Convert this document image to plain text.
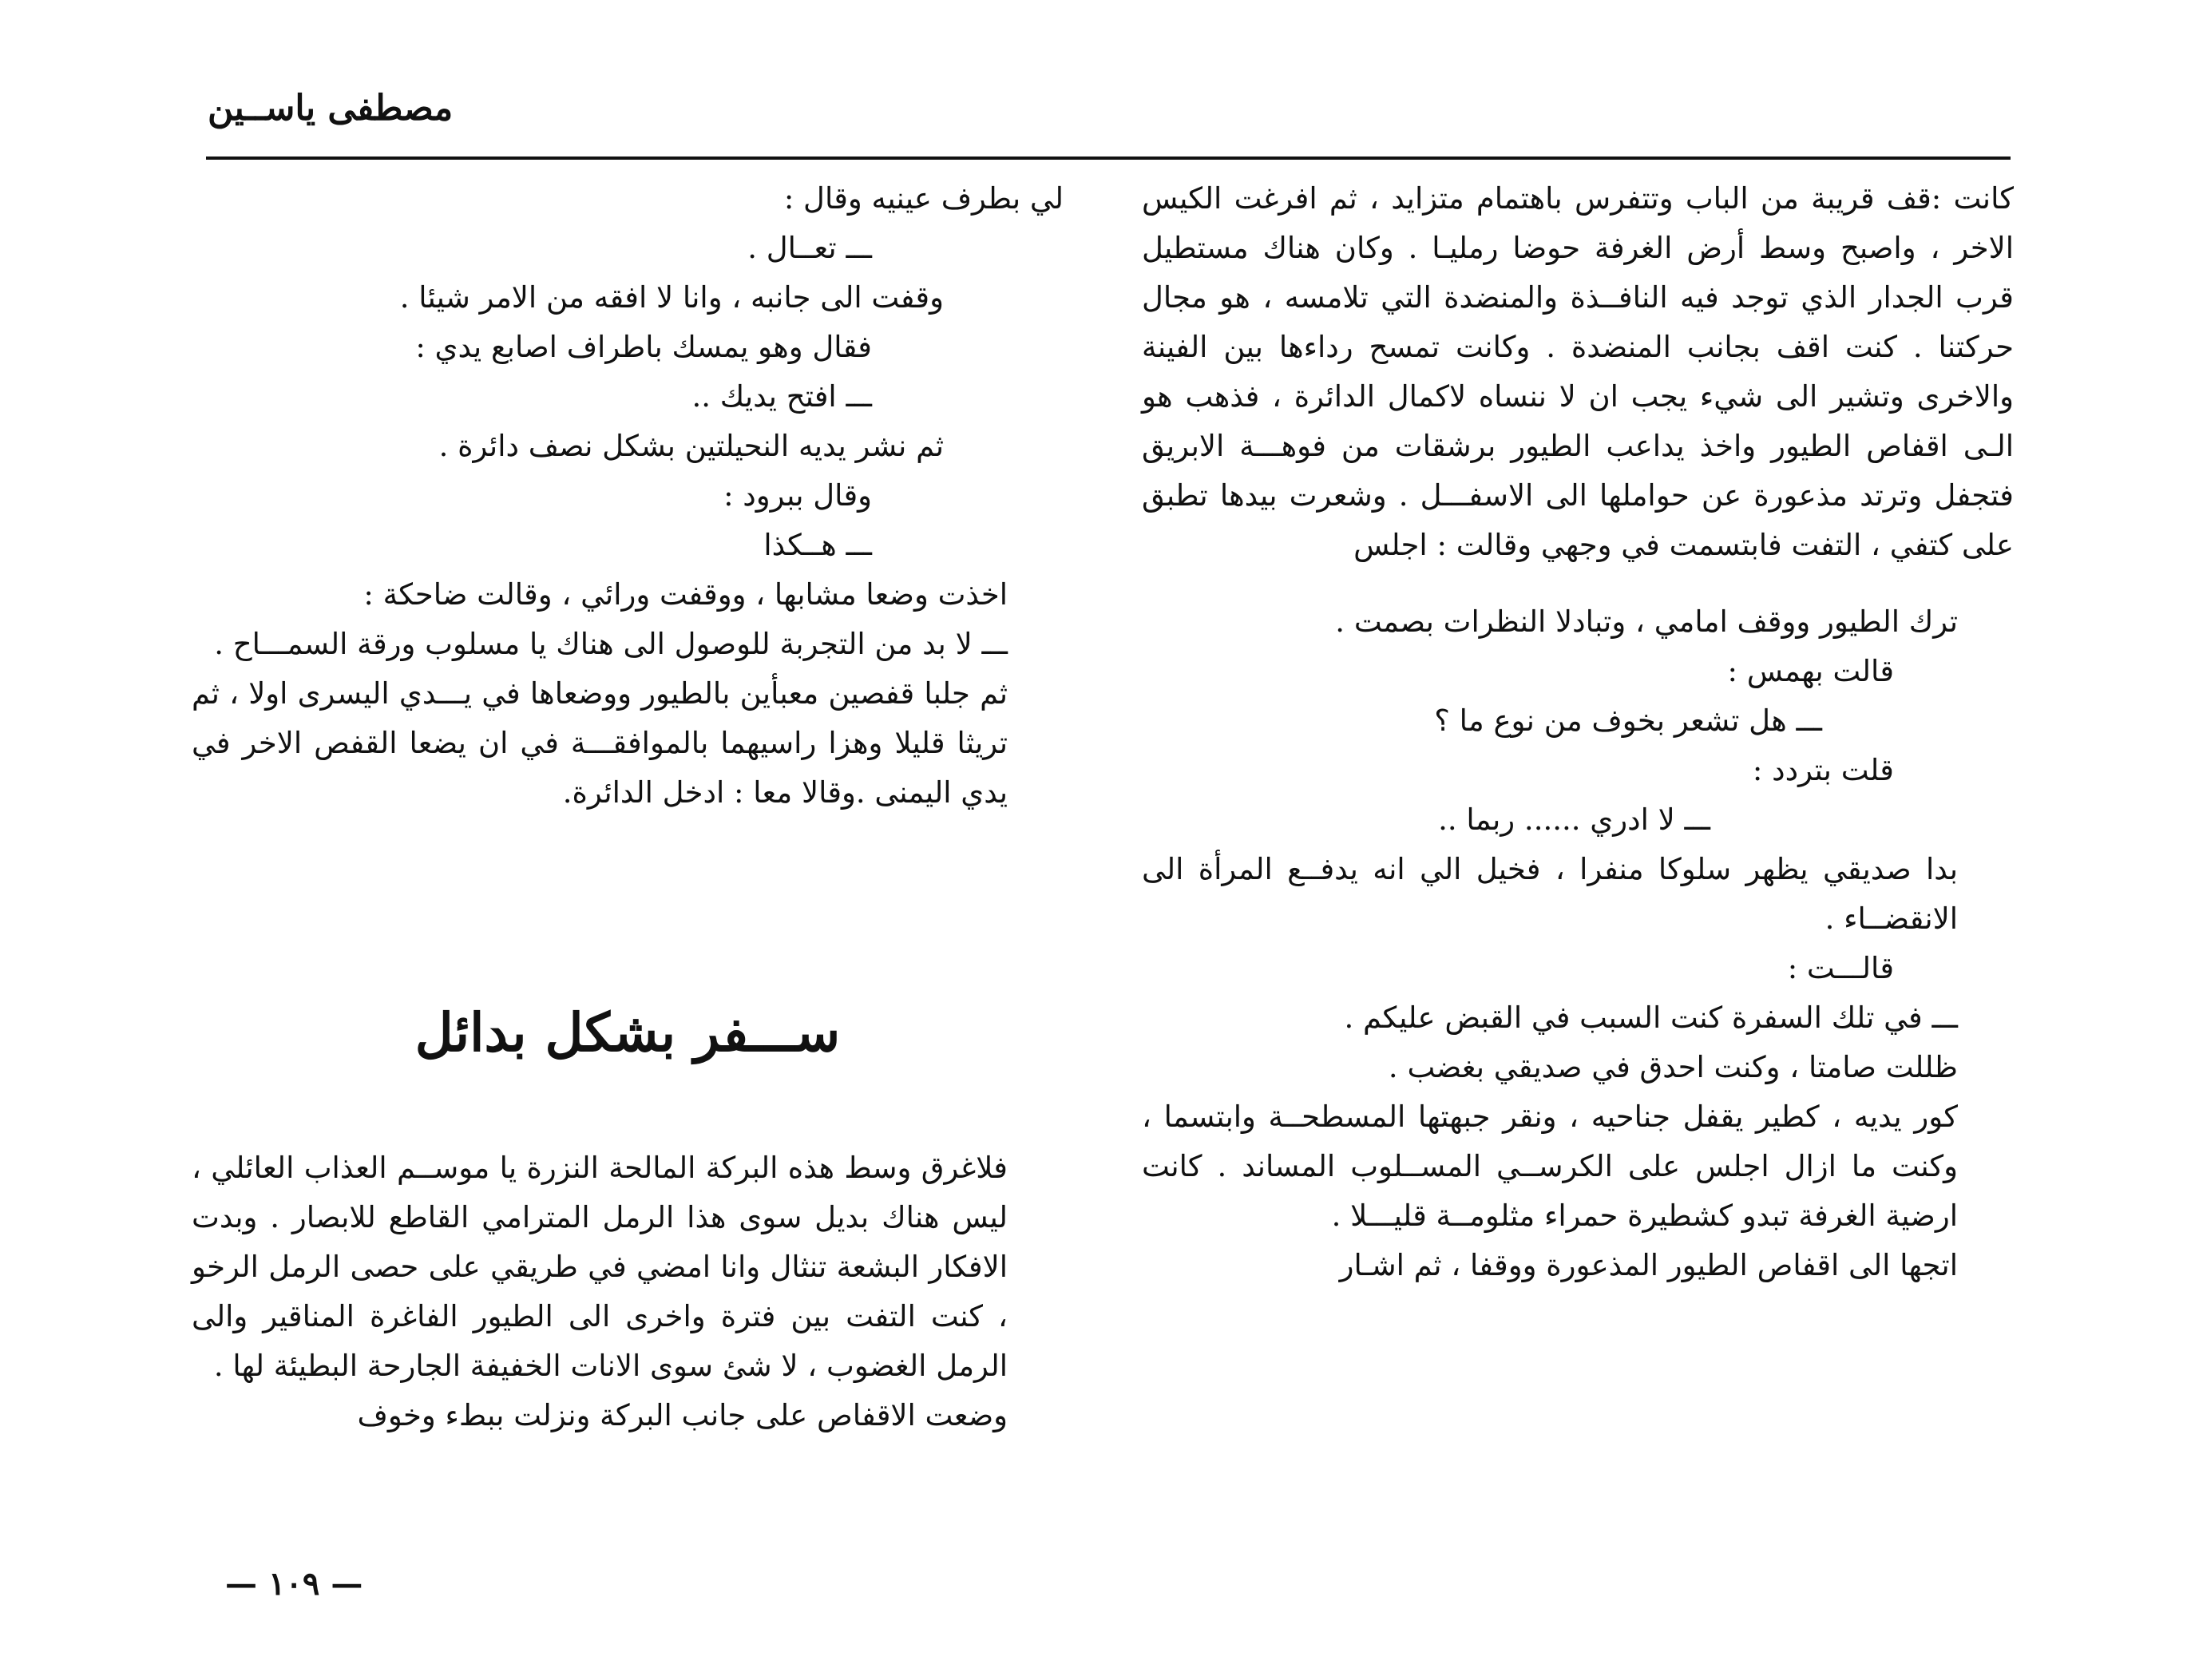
مصطفى ياســين

كانت :قف قريبة من الباب وتتفرس باهتمام متزايد ، ثم افرغت الكيس الاخر ، واصبح وسط أرض الغرفة حوضا رمليـا . وكان هناك مستطيل قرب الجدار الذي توجد فيه النافــذة والمنضدة التي تلامسه ، هو مجال حركتنا . كنت اقف بجانب المنضدة . وكانت تمسح رداءها بين الفينة والاخرى وتشير الى شيء يجب ان لا ننساه لاكمال الدائرة ، فذهب هو الـى اقفاص الطيور واخذ يداعب الطيور برشقات من فوهـــة الابريق فتجفل وترتد مذعورة عن حواملها الى الاسفـــل . وشعرت بيدها تطبق على كتفي ، التفت فابتسمت في وجهي وقالت : اجلس

ترك الطيور ووقف امامي ، وتبادلا النظرات بصمت .

قالت بهمس :

ـــ هل تشعر بخوف من نوع ما ؟

قلت بتردد :

ـــ لا ادري ...... ربما ..

بدا صديقي يظهر سلوكا منفرا ، فخيل الي انه يدفــع المرأة الى الانقضــاء .

قالـــت :

ـــ في تلك السفرة كنت السبب في القبض عليكم .

ظللت صامتا ، وكنت احدق في صديقي بغضب .

كور يديه ، كطير يقفل جناحيه ، ونقر جبهتها المسطحــة وابتسما ، وكنت ما ازال اجلس على الكرســي المســلوب المساند . كانت ارضية الغرفة تبدو كشطيرة حمراء مثلومــة قليـــلا .

اتجها الى اقفاص الطيور المذعورة ووقفا ، ثم اشـار

لي بطرف عينيه وقال :

ـــ تعــال .

وقفت الى جانبه ، وانا لا افقه من الامر شيئا .

فقال وهو يمسك باطراف اصابع يدي :

ـــ افتح يديك ..

ثم نشر يديه النحيلتين بشكل نصف دائرة .

وقال ببرود :

ـــ هــكذا

اخذت وضعا مشابها ، ووقفت ورائي ، وقالت ضاحكة :

ـــ لا بد من التجربة للوصول الى هناك يا مسلوب ورقة السمـــاح .

ثم جلبا قفصين معبأين بالطيور ووضعاها في يـــدي اليسرى اولا ، ثم تريثا قليلا وهزا راسيهما بالموافقـــة في ان يضعا القفص الاخر في يدي اليمنى .وقالا معا : ادخل الدائرة.

ســـفر بشكل بدائل

فلاغرق وسط هذه البركة المالحة النزرة يا موســم العذاب العائلي ، ليس هناك بديل سوى هذا الرمل المترامي القاطع للابصار . وبدت الافكار البشعة تنثال وانا امضي في طريقي على حصى الرمل الرخو ، كنت التفت بين فترة واخرى الى الطيور الفاغرة المناقير والى الرمل الغضوب ، لا شئ سوى الانات الخفيفة الجارحة البطيئة لها .

وضعت الاقفاص على جانب البركة ونزلت ببطء وخوف

— ١٠٩ —
